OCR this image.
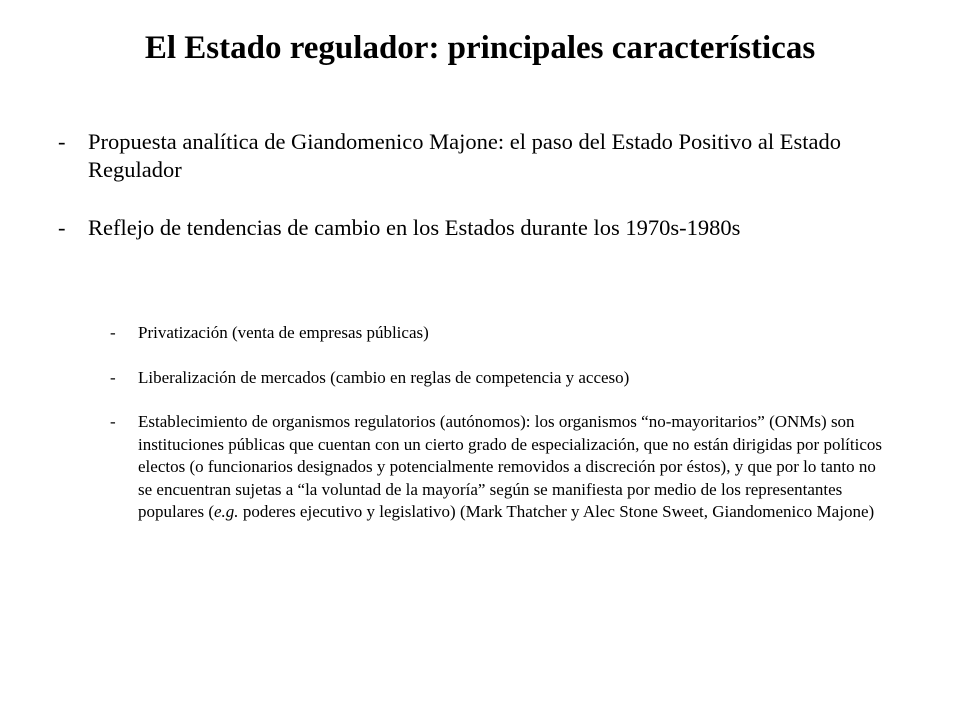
El Estado regulador: principales características
-	Propuesta analítica de Giandomenico Majone: el paso del Estado Positivo al Estado Regulador
-	Reflejo de tendencias de cambio en los Estados durante los 1970s-1980s
-	Privatización (venta de empresas públicas)
-	Liberalización de mercados (cambio en reglas de competencia y acceso)
-	Establecimiento de organismos regulatorios (autónomos): los organismos “no-mayoritarios” (ONMs) son instituciones públicas que cuentan con un cierto grado de especialización, que no están dirigidas por políticos electos (o funcionarios designados y potencialmente removidos a discreción por éstos), y que por lo tanto no se encuentran sujetas a “la voluntad de la mayoría” según se manifiesta por medio de los representantes populares (e.g. poderes ejecutivo y legislativo) (Mark Thatcher y Alec Stone Sweet, Giandomenico Majone)
